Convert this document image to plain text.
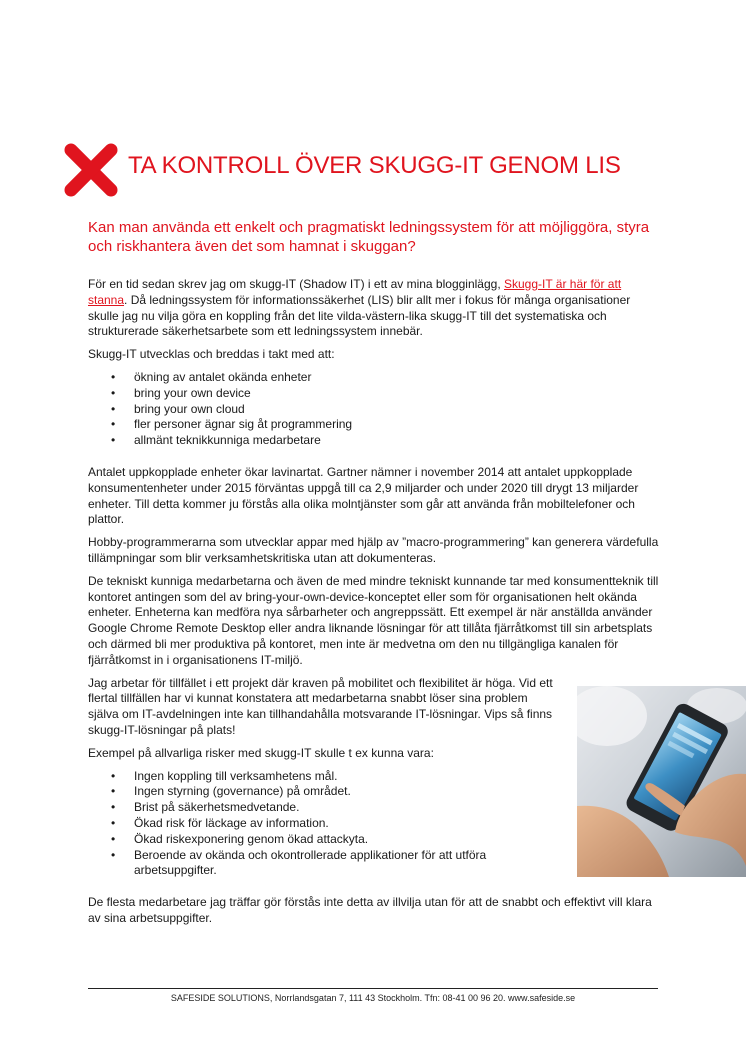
TA KONTROLL ÖVER SKUGG-IT GENOM LIS

Kan man använda ett enkelt och pragmatiskt ledningssystem för att möjliggöra, styra och riskhantera även det som hamnat i skuggan?

För en tid sedan skrev jag om skugg-IT (Shadow IT) i ett av mina blogginlägg, Skugg-IT är här för att stanna. Då ledningssystem för informationssäkerhet (LIS) blir allt mer i fokus för många organisationer skulle jag nu vilja göra en koppling från det lite vilda-västern-lika skugg-IT till det systematiska och strukturerade säkerhetsarbete som ett ledningssystem innebär.

Skugg-IT utvecklas och breddas i takt med att:

• ökning av antalet okända enheter
• bring your own device
• bring your own cloud
• fler personer ägnar sig åt programmering
• allmänt teknikkunniga medarbetare

Antalet uppkopplade enheter ökar lavinartat. Gartner nämner i november 2014 att antalet uppkopplade konsumentenheter under 2015 förväntas uppgå till ca 2,9 miljarder och under 2020 till drygt 13 miljarder enheter. Till detta kommer ju förstås alla olika molntjänster som går att använda från mobiltelefoner och plattor.

Hobby-programmerarna som utvecklar appar med hjälp av ”macro-programmering” kan generera värdefulla tillämpningar som blir verksamhetskritiska utan att dokumenteras.

De tekniskt kunniga medarbetarna och även de med mindre tekniskt kunnande tar med konsumentteknik till kontoret antingen som del av bring-your-own-device-konceptet eller som för organisationen helt okända enheter. Enheterna kan medföra nya sårbarheter och angreppssätt. Ett exempel är när anställda använder Google Chrome Remote Desktop eller andra liknande lösningar för att tillåta fjärråtkomst till sin arbetsplats och därmed bli mer produktiva på kontoret, men inte är medvetna om den nu tillgängliga kanalen för fjärråtkomst in i organisationens IT-miljö.

Jag arbetar för tillfället i ett projekt där kraven på mobilitet och flexibilitet är höga. Vid ett flertal tillfällen har vi kunnat konstatera att medarbetarna snabbt löser sina problem själva om IT-avdelningen inte kan tillhandahålla motsvarande IT-lösningar. Vips så finns skugg-IT-lösningar på plats!

Exempel på allvarliga risker med skugg-IT skulle t ex kunna vara:

• Ingen koppling till verksamhetens mål.
• Ingen styrning (governance) på området.
• Brist på säkerhetsmedvetande.
• Ökad risk för läckage av information.
• Ökad riskexponering genom ökad attackyta.
• Beroende av okända och okontrollerade applikationer för att utföra arbetsuppgifter.

De flesta medarbetare jag träffar gör förstås inte detta av illvilja utan för att de snabbt och effektivt vill klara av sina arbetsuppgifter.

SAFESIDE SOLUTIONS, Norrlandsgatan 7, 111 43 Stockholm. Tfn: 08-41 00 96 20. www.safeside.se
